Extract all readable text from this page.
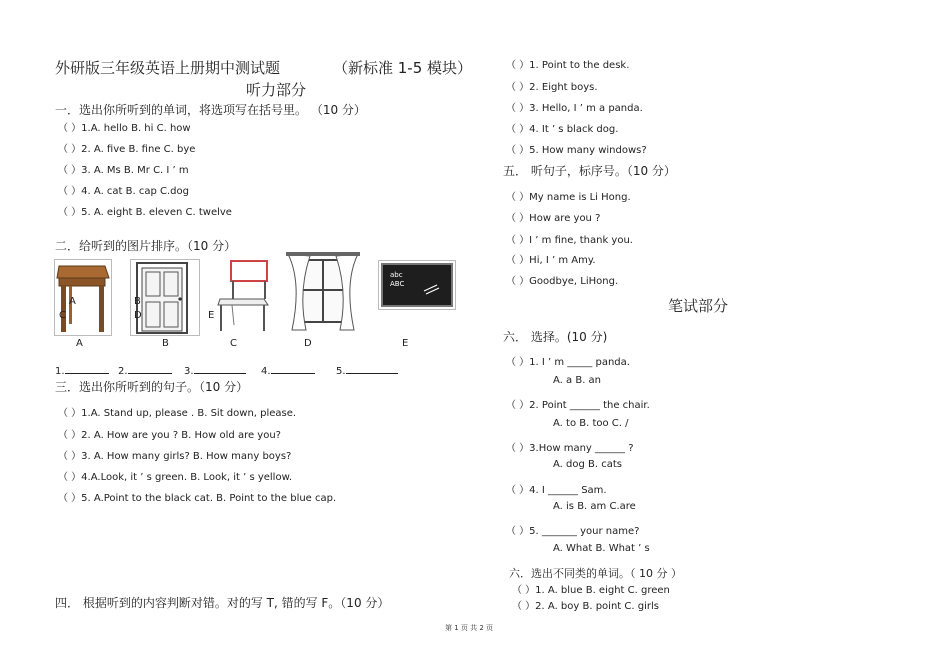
外研版三年级英语上册期中测试题	（新标准 1-5 模块）
听力部分
一．选出你所听到的单词，将选项写在括号里。 （10 分）
（ ）1.A. hello B. hi C. how
（ ）2. A. five B. fine C. bye
（ ）3. A. Ms B. Mr C. I ’ m
（ ）4. A. cat B. cap C.dog
（ ）5. A. eight B. eleven C. twelve
二．给听到的图片排序。（10 分）
abc
ABC
A	B
C	D	E
A	B	C	D	E
1.	2.	3.	4.	5.
三．选出你所听到的句子。（10 分）
（ ）1.A. Stand up, please . B. Sit down, please.
（ ）2. A. How are you ? B. How old are you?
（ ）3. A. How many girls? B. How many boys?
（ ）4.A.Look, it ’ s green. B. Look, it ’ s yellow.
（ ）5. A.Point to the black cat. B. Point to the blue cap.
四． 根据听到的内容判断对错。对的写 T, 错的写 F。（10 分）
（ ）1. Point to the desk.
（ ）2. Eight boys.
（ ）3. Hello, I ’ m a panda.
（ ）4. It ’ s black dog.
（ ）5. How many windows?
五． 听句子，标序号。（10 分）
（ ）My name is Li Hong.
（ ）How are you ?
（ ）I ’ m fine, thank you.
（ ）Hi, I ’ m Amy.
（ ）Goodbye, LiHong.
笔试部分
六． 选择。(10 分)
（ ）1. I ’ m _____ panda.
A. a B. an
（ ）2. Point ______ the chair.
A. to B. too C. /
（ ）3.How many ______ ?
A. dog B. cats
（ ）4. I ______ Sam.
A. is B. am C.are
（ ）5. _______ your name?
A. What B. What ’ s
六．选出不同类的单词。（ 10 分 ）
（ ）1. A. blue B. eight C. green
（ ）2. A. boy B. point C. girls
第 1 页 共 2 页
